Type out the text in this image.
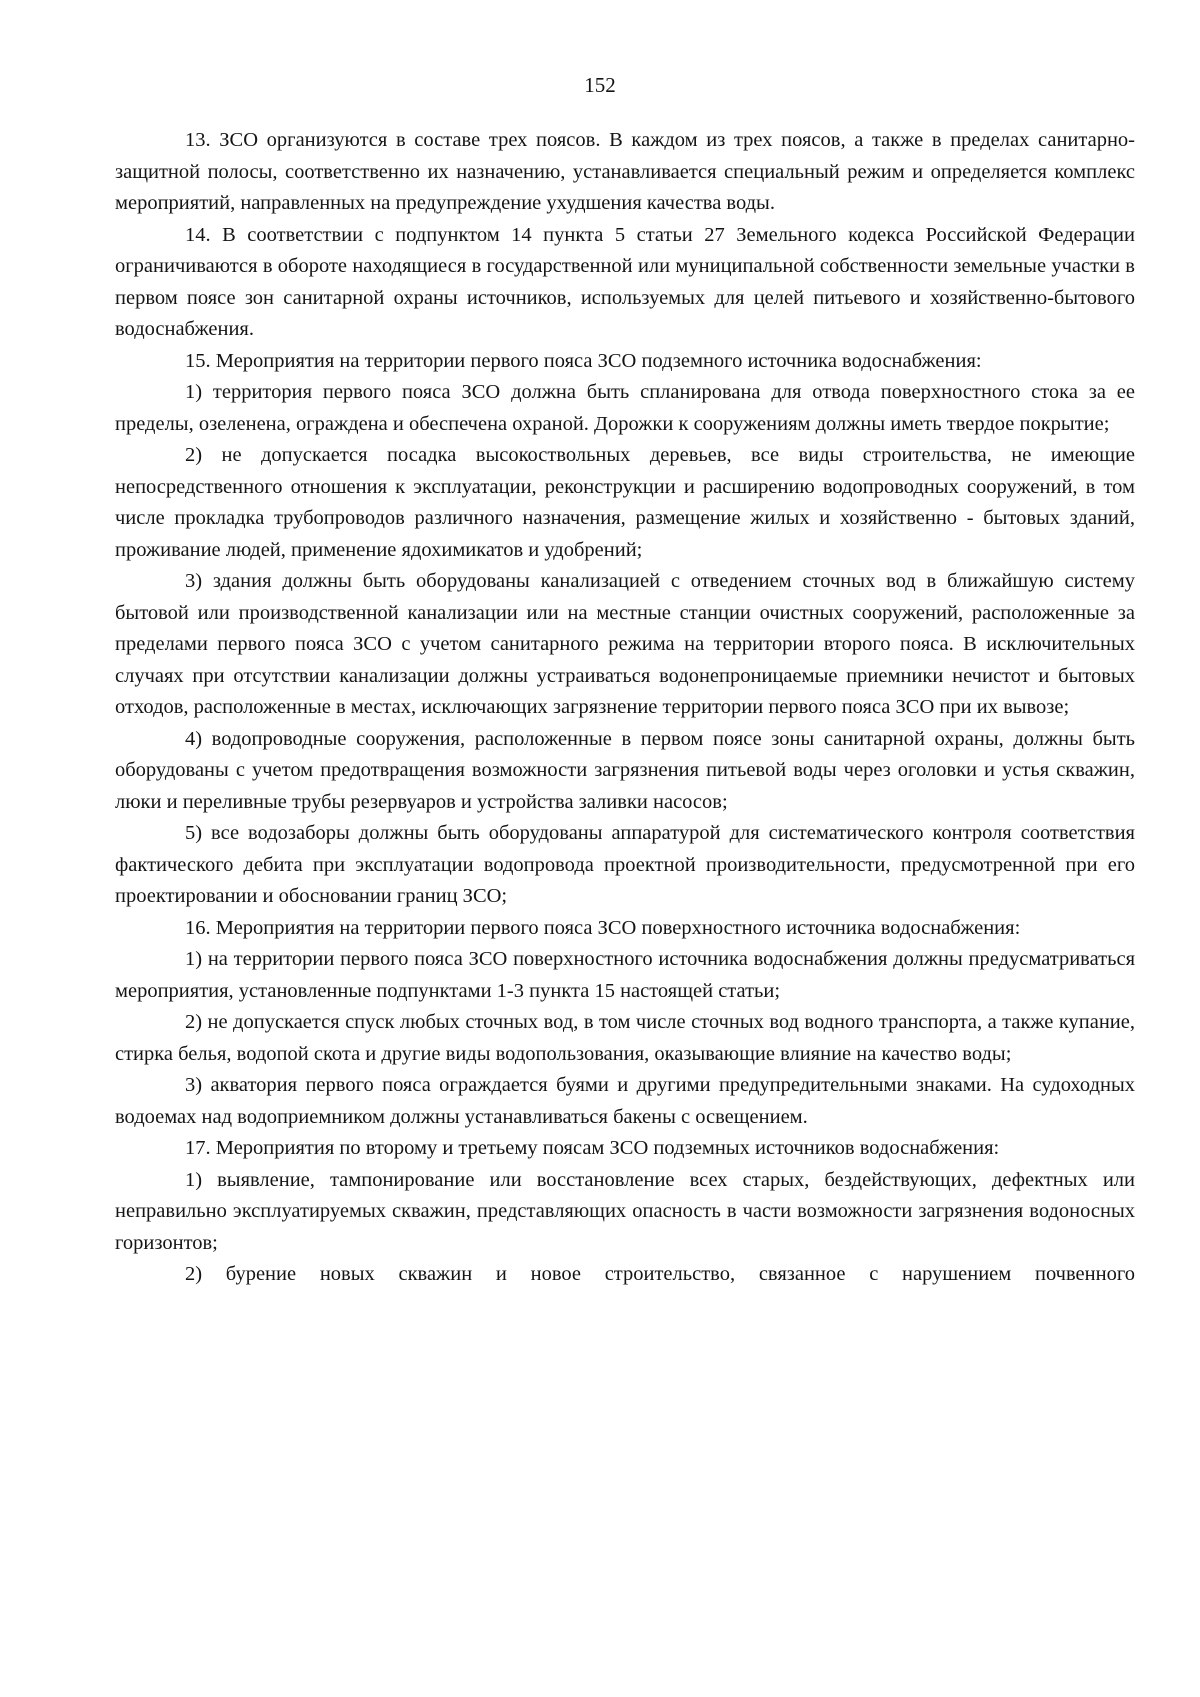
152

13. ЗСО организуются в составе трех поясов. В каждом из трех поясов, а также в пределах санитарно-защитной полосы, соответственно их назначению, устанавливается специальный режим и определяется комплекс мероприятий, направленных на предупреждение ухудшения качества воды.

14. В соответствии с подпунктом 14 пункта 5 статьи 27 Земельного кодекса Российской Федерации ограничиваются в обороте находящиеся в государственной или муниципальной собственности земельные участки в первом поясе зон санитарной охраны источников, используемых для целей питьевого и хозяйственно-бытового водоснабжения.

15. Мероприятия на территории первого пояса ЗСО подземного источника водоснабжения:

1) территория первого пояса ЗСО должна быть спланирована для отвода поверхностного стока за ее пределы, озеленена, ограждена и обеспечена охраной. Дорожки к сооружениям должны иметь твердое покрытие;

2) не допускается посадка высокоствольных деревьев, все виды строительства, не имеющие непосредственного отношения к эксплуатации, реконструкции и расширению водопроводных сооружений, в том числе прокладка трубопроводов различного назначения, размещение жилых и хозяйственно - бытовых зданий, проживание людей, применение ядохимикатов и удобрений;

3) здания должны быть оборудованы канализацией с отведением сточных вод в ближайшую систему бытовой или производственной канализации или на местные станции очистных сооружений, расположенные за пределами первого пояса ЗСО с учетом санитарного режима на территории второго пояса. В исключительных случаях при отсутствии канализации должны устраиваться водонепроницаемые приемники нечистот и бытовых отходов, расположенные в местах, исключающих загрязнение территории первого пояса ЗСО при их вывозе;

4) водопроводные сооружения, расположенные в первом поясе зоны санитарной охраны, должны быть оборудованы с учетом предотвращения возможности загрязнения питьевой воды через оголовки и устья скважин, люки и переливные трубы резервуаров и устройства заливки насосов;

5) все водозаборы должны быть оборудованы аппаратурой для систематического контроля соответствия фактического дебита при эксплуатации водопровода проектной производительности, предусмотренной при его проектировании и обосновании границ ЗСО;

16. Мероприятия на территории первого пояса ЗСО поверхностного источника водоснабжения:

1) на территории первого пояса ЗСО поверхностного источника водоснабжения должны предусматриваться мероприятия, установленные подпунктами 1-3 пункта 15 настоящей статьи;

2) не допускается спуск любых сточных вод, в том числе сточных вод водного транспорта, а также купание, стирка белья, водопой скота и другие виды водопользования, оказывающие влияние на качество воды;

3) акватория первого пояса ограждается буями и другими предупредительными знаками. На судоходных водоемах над водоприемником должны устанавливаться бакены с освещением.

17. Мероприятия по второму и третьему поясам ЗСО подземных источников водоснабжения:

1) выявление, тампонирование или восстановление всех старых, бездействующих, дефектных или неправильно эксплуатируемых скважин, представляющих опасность в части возможности загрязнения водоносных горизонтов;

2) бурение новых скважин и новое строительство, связанное с нарушением почвенного
